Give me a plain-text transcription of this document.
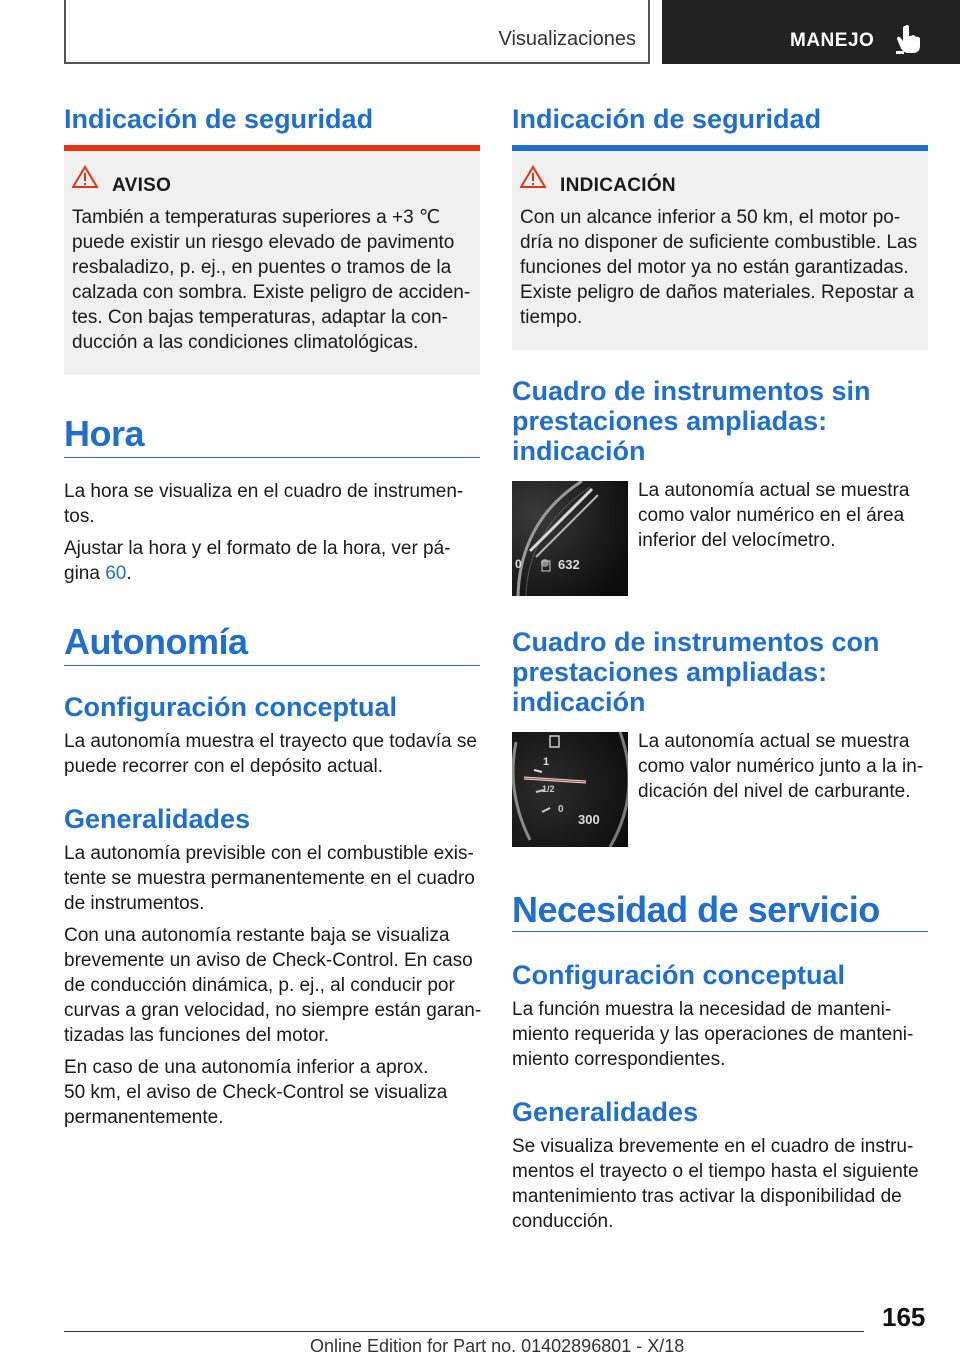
Visualizaciones	MANEJO
Indicación de seguridad
AVISO
También a temperaturas superiores a +3 ℃
puede existir un riesgo elevado de pavimento
resbaladizo, p. ej., en puentes o tramos de la
calzada con sombra. Existe peligro de acciden-
tes. Con bajas temperaturas, adaptar la con-
ducción a las condiciones climatológicas.
Hora
La hora se visualiza en el cuadro de instrumen-
tos.
Ajustar la hora y el formato de la hora, ver pá-
gina 60.
Autonomía
Configuración conceptual
La autonomía muestra el trayecto que todavía se
puede recorrer con el depósito actual.
Generalidades
La autonomía previsible con el combustible exis-
tente se muestra permanentemente en el cuadro
de instrumentos.
Con una autonomía restante baja se visualiza
brevemente un aviso de Check-Control. En caso
de conducción dinámica, p. ej., al conducir por
curvas a gran velocidad, no siempre están garan-
tizadas las funciones del motor.
En caso de una autonomía inferior a aprox.
50 km, el aviso de Check-Control se visualiza
permanentemente.
Indicación de seguridad
INDICACIÓN
Con un alcance inferior a 50 km, el motor po-
dría no disponer de suficiente combustible. Las
funciones del motor ya no están garantizadas.
Existe peligro de daños materiales. Repostar a
tiempo.
Cuadro de instrumentos sin
prestaciones ampliadas:
indicación
0	632
La autonomía actual se muestra
como valor numérico en el área
inferior del velocímetro.
Cuadro de instrumentos con
prestaciones ampliadas:
indicación
1
1/2
0
300
La autonomía actual se muestra
como valor numérico junto a la in-
dicación del nivel de carburante.
Necesidad de servicio
Configuración conceptual
La función muestra la necesidad de manteni-
miento requerida y las operaciones de manteni-
miento correspondientes.
Generalidades
Se visualiza brevemente en el cuadro de instru-
mentos el trayecto o el tiempo hasta el siguiente
mantenimiento tras activar la disponibilidad de
conducción.
165
Online Edition for Part no. 01402896801 - X/18
